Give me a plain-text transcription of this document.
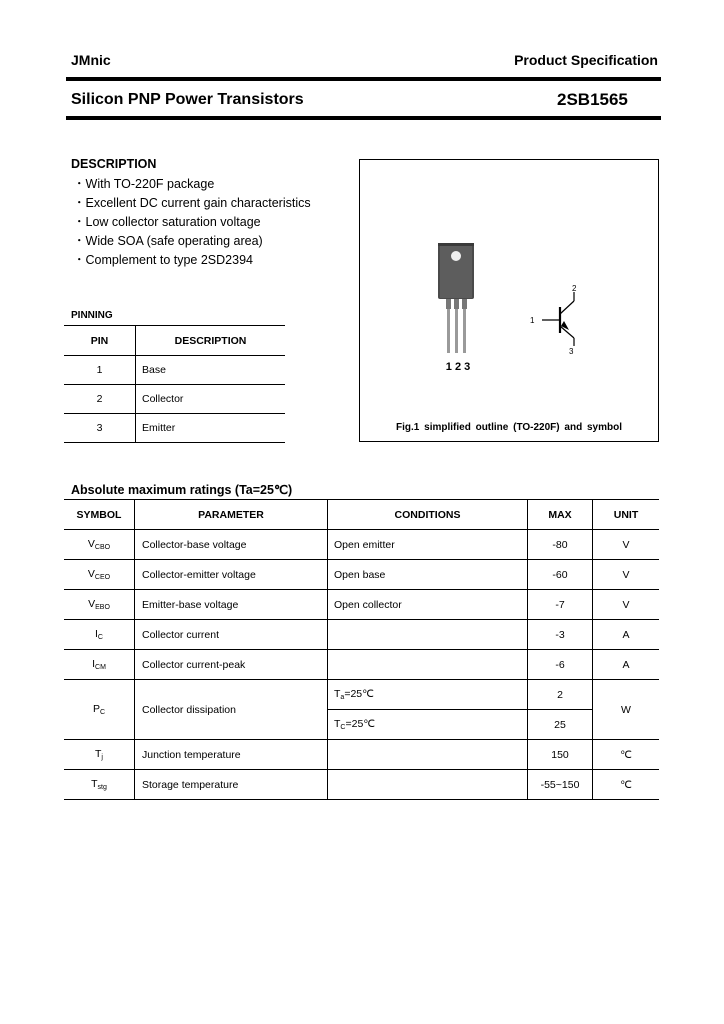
JMnic	Product Specification
Silicon PNP Power Transistors	2SB1565
DESCRIPTION
・With TO-220F package
・Excellent DC current gain characteristics
・Low collector saturation voltage
・Wide SOA (safe operating area)
・Complement to type 2SD2394
PINNING
PIN	DESCRIPTION
1	Base
2	Collector
3	Emitter
1 2 3
1
2
3
Fig.1 simplified outline (TO-220F) and symbol
Absolute maximum ratings (Ta=25℃)
SYMBOL	PARAMETER	CONDITIONS	MAX	UNIT
$V_{CBO}$	Collector-base voltage	Open emitter	-80	V
$V_{CEO}$	Collector-emitter voltage	Open base	-60	V
$V_{EBO}$	Emitter-base voltage	Open collector	-7	V
$I_C$	Collector current		-3	A
$I_{CM}$	Collector current-peak		-6	A
$P_C$	Collector dissipation	$T_a=25℃$	2	W
		$T_C=25℃$	25	
$T_j$	Junction temperature		150	℃
$T_{stg}$	Storage temperature		-55~150	℃
